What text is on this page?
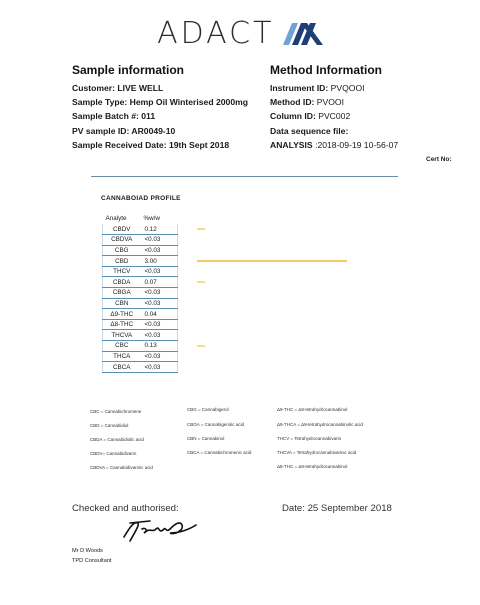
ADACT
Sample information
Customer: LIVE WELL
Sample Type: Hemp Oil Winterised 2000mg
Sample Batch #: 011
PV sample ID: AR0049-10
Sample Received Date: 19th Sept 2018
Method Information
Instrument ID: PVQOOI
Method ID: PVOOI
Column ID: PVC002
Data sequence file:
ANALYSIS :2018-09-19 10-56-07
Cert No:
CANNABOIAD PROFILE
Analyte	%w/w
CBDV	0.12
CBDVA	<0.03
CBG	<0.03
CBD	3.00
THCV	<0.03
CBDA	0.07
CBGA	<0.03
CBN	<0.03
Δ9-THC	0.04
Δ8-THC	<0.03
THCVA	<0.03
CBC	0.13
THCA	<0.03
CBCA	<0.03
CBC = Cannabichromene
CBD = Cannabidiol
CBDA = Cannabidiolic acid
CBDV= Cannabidivarin
CBDVA = Cannabidivarinic acid
CBG = Cannabigerol
CBGA = Cannabigerolic acid
CBN = Cannabinol
CBCA = Cannabichromenic acid
Δ9-THC = Δ9-tetrahydrocannabinol
Δ9-THCA = Δ9-tetrahydrocannabinolic acid
THCV = Tetrahydrocannabivarin
THCVA = Tetrahydrocannabivarinic acid
Δ8-THC = Δ8-tetrahydrocannabinol
Checked and authorised:	Date: 25 September 2018
Mr D Woods
TPD Consultant
